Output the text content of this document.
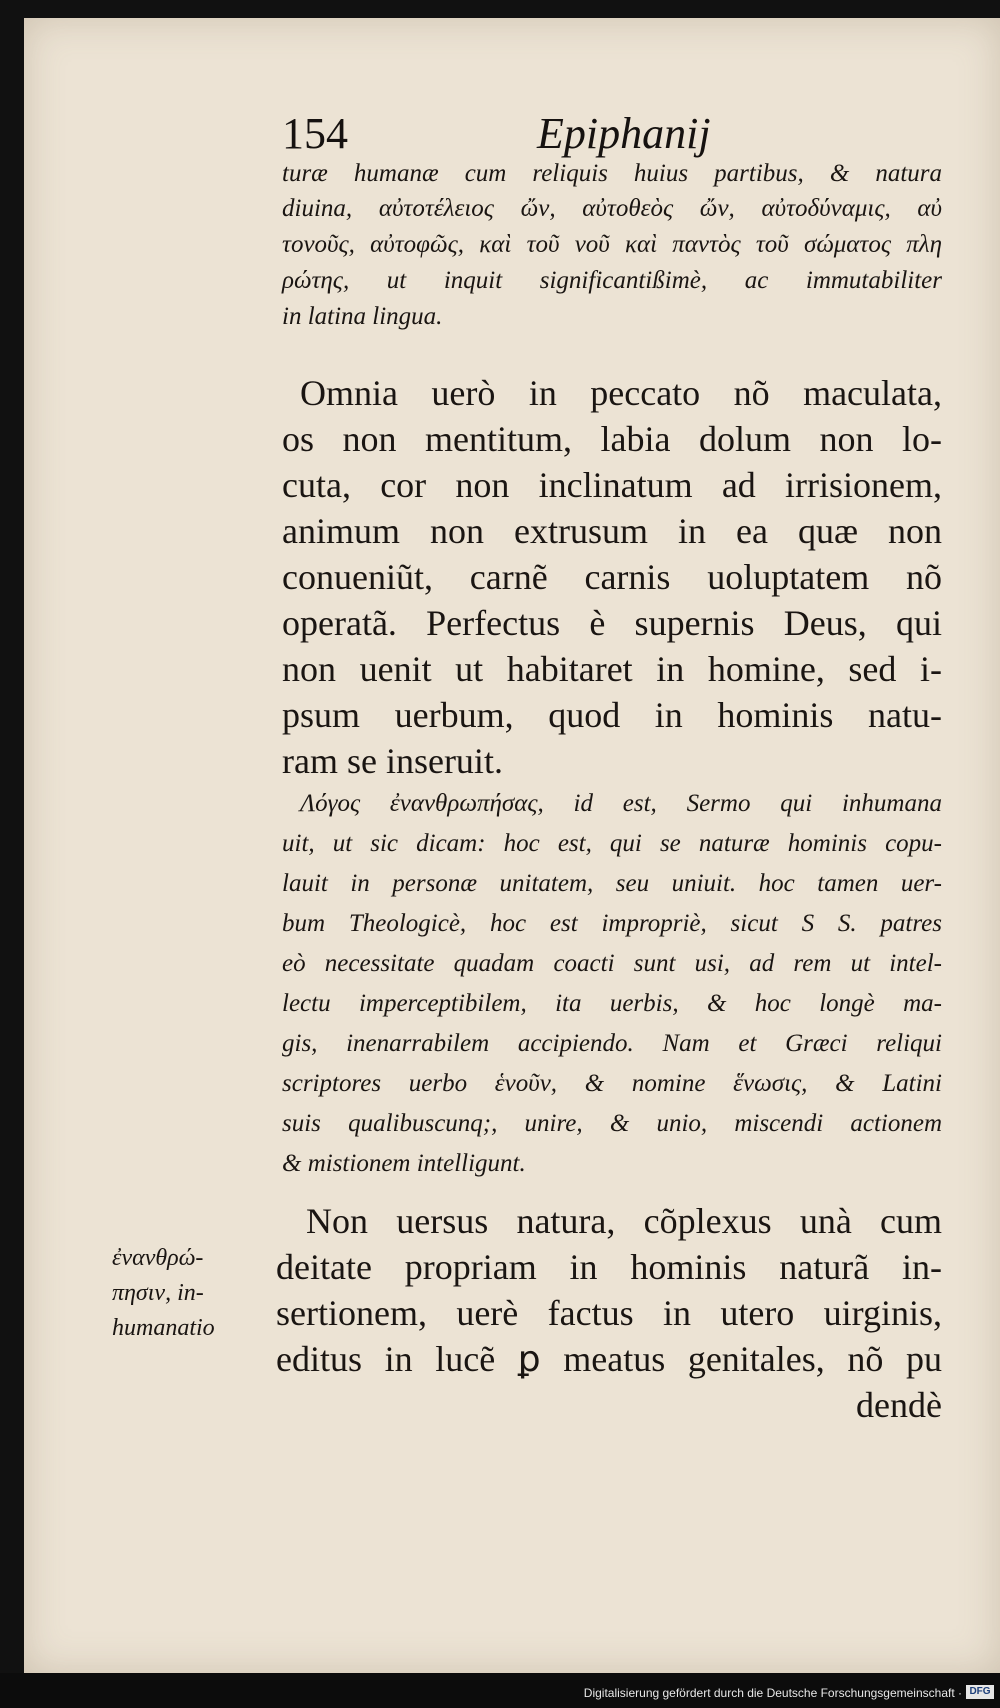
154	Epiphanij
turæ humanæ cum reliquis huius partibus, & natura
diuina, αὐτοτέλειος ὤν, αὐτοθεὸς ὤν, αὐτοδύναμις, αὐ
τονοῦς, αὐτοφῶς, καὶ τοῦ νοῦ καὶ παντὸς τοῦ σώματος πλη
ρώτης, ut inquit significantißimè, ac immutabiliter
in latina lingua.
Omnia uerò in peccato nõ maculata,
os non mentitum, labia dolum non lo-
cuta, cor non inclinatum ad irrisionem,
animum non extrusum in ea quæ non
conueniũt, carnẽ carnis uoluptatem nõ
operatã. Perfectus è supernis Deus, qui
non uenit ut habitaret in homine, sed i-
psum uerbum, quod in hominis natu-
ram se inseruit.
Λόγος ἐνανθρωπήσας, id est, Sermo qui inhumana
uit, ut sic dicam: hoc est, qui se naturæ hominis copu-
lauit in personæ unitatem, seu uniuit. hoc tamen uer-
bum Theologicè, hoc est impropriè, sicut S S. patres
eò necessitate quadam coacti sunt usi, ad rem ut intel-
lectu imperceptibilem, ita uerbis, & hoc longè ma-
gis, inenarrabilem accipiendo. Nam et Græci reliqui
scriptores uerbo ἑνοῦν, & nomine ἕνωσις, & Latini
suis qualibuscunq;, unire, & unio, miscendi actionem
& mistionem intelligunt.
Non uersus natura, cõplexus unà cum
deitate propriam in hominis naturã in-
sertionem, uerè factus in utero uirginis,
editus in lucẽ ꝑ meatus genitales, nõ pu
dendè
ἐνανθρώ-
πησιν, in-
humanatio
Digitalisierung gefördert durch die Deutsche Forschungsgemeinschaft · DFG
